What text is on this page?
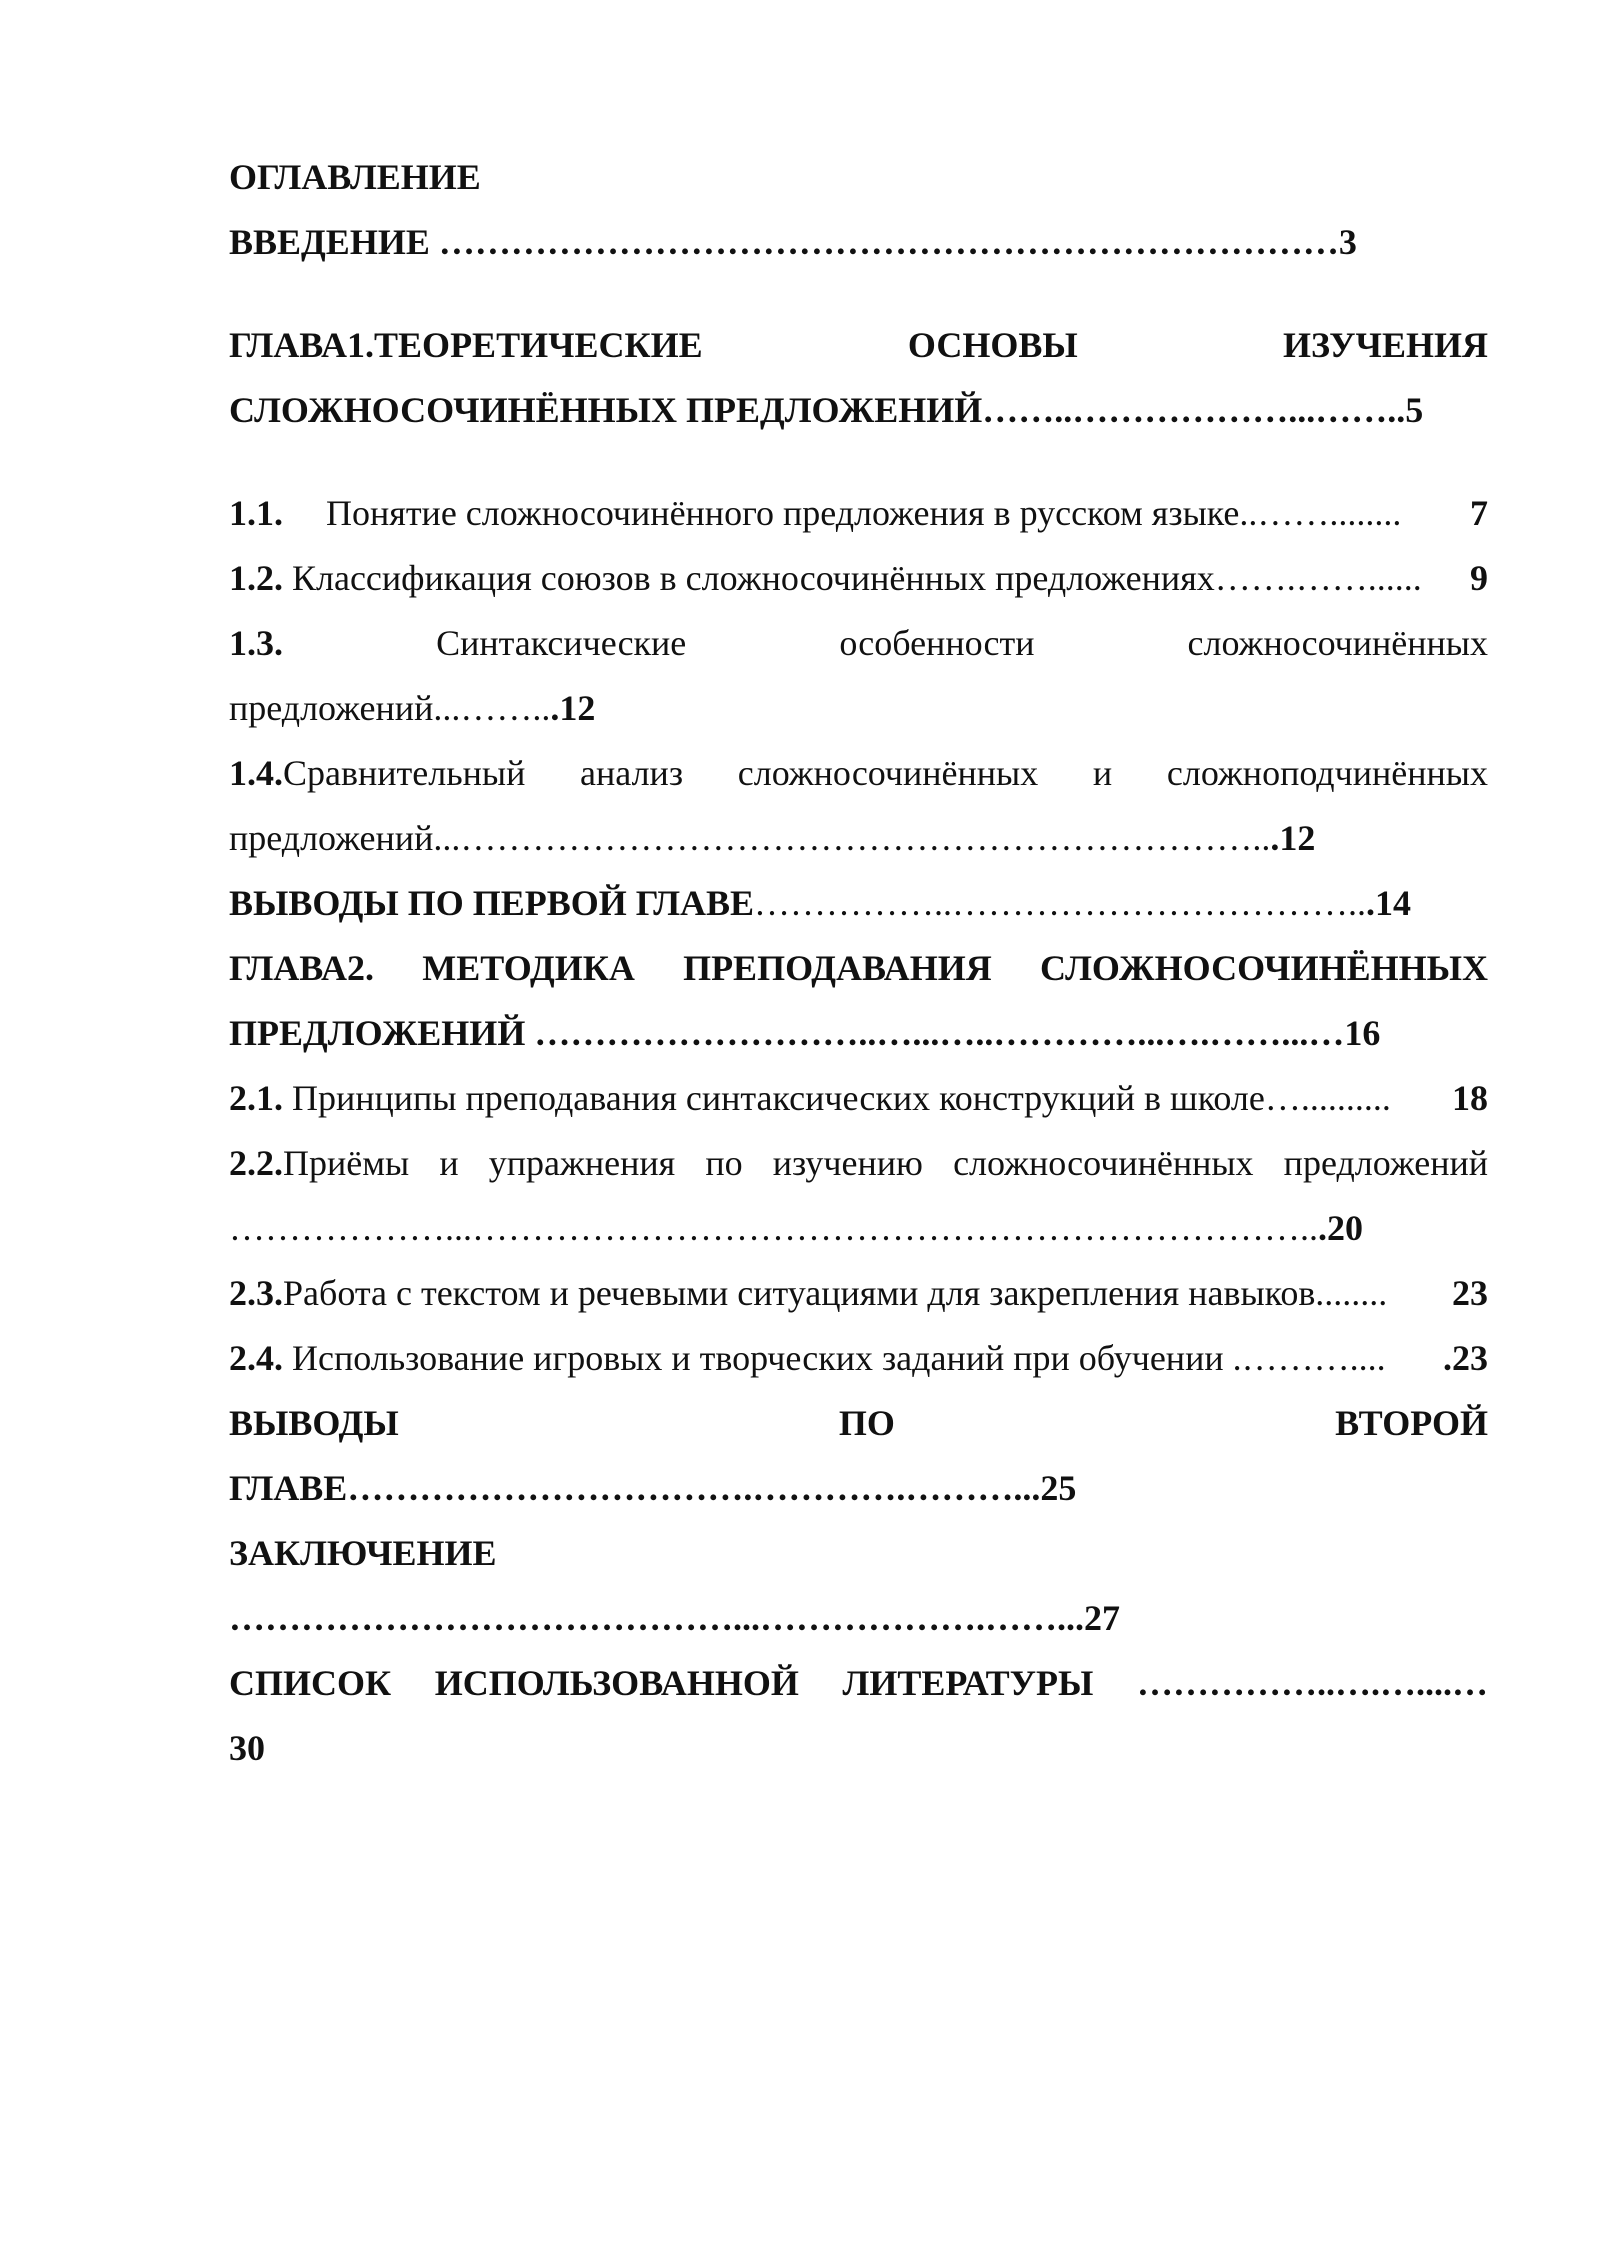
ОГЛАВЛЕНИЕ
ВВЕДЕНИЕ …………………………………………………………………3
ГЛАВА1.ТЕОРЕТИЧЕСКИЕ	ОСНОВЫ	ИЗУЧЕНИЯ
СЛОЖНОСОЧИНЁННЫХ ПРЕДЛОЖЕНИЙ……..………………...……..5
1.1. Понятие сложносочинённого предложения в русском языке..……........ 7
1.2. Классификация союзов в сложносочинённых предложениях…….……...... 9
1.3.	Синтаксические	особенности	сложносочинённых
предложений...……...12
1.4.Сравнительный анализ сложносочинённых и сложноподчинённых
предложений...…………………………………………………………...12
ВЫВОДЫ ПО ПЕРВОЙ ГЛАВЕ……………..……………………………...14
ГЛАВА2. МЕТОДИКА ПРЕПОДАВАНИЯ СЛОЖНОСОЧИНЁННЫХ
ПРЕДЛОЖЕНИЙ ………………………..…...…..…………...….……...…16
2.1. Принципы преподавания синтаксических конструкций в школе….......... 18
2.2.Приёмы и упражнения по изучению сложносочинённых предложений
………………...……………………………………………………………...20
2.3.Работа с текстом и речевыми ситуациями для закрепления навыков........ 23
2.4. Использование игровых и творческих заданий при обучении .……….... .23
ВЫВОДЫ	ПО	ВТОРОЙ
ГЛАВЕ…………………………….………….………...25
ЗАКЛЮЧЕНИЕ
……………………………………...……………….……...27
СПИСОК ИСПОЛЬЗОВАННОЙ ЛИТЕРАТУРЫ ……………..….…....…
30
